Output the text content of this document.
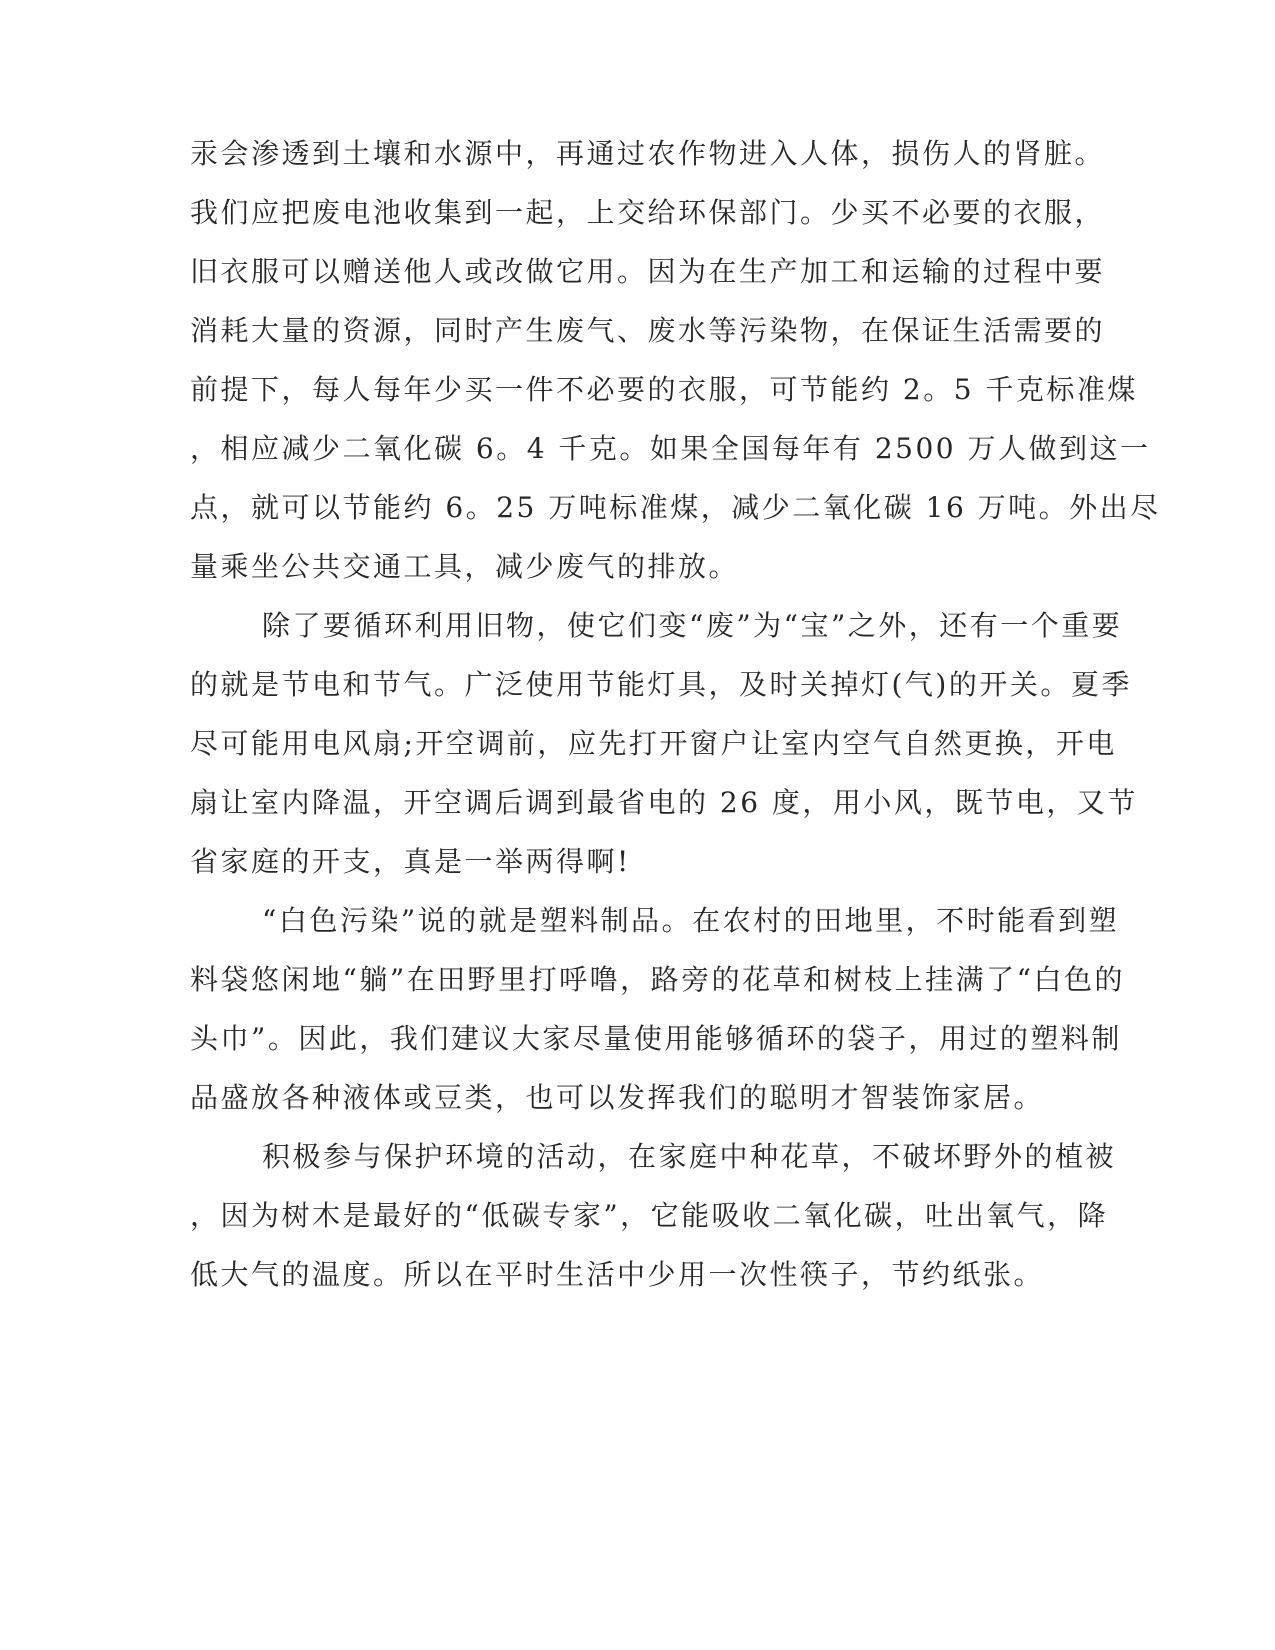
汞会渗透到土壤和水源中，再通过农作物进入人体，损伤人的肾脏。
我们应把废电池收集到一起，上交给环保部门。少买不必要的衣服，
旧衣服可以赠送他人或改做它用。因为在生产加工和运输的过程中要
消耗大量的资源，同时产生废气、废水等污染物，在保证生活需要的
前提下，每人每年少买一件不必要的衣服，可节能约 2。5 千克标准煤
，相应减少二氧化碳 6。4 千克。如果全国每年有 2500 万人做到这一
点，就可以节能约 6。25 万吨标准煤，减少二氧化碳 16 万吨。外出尽
量乘坐公共交通工具，减少废气的排放。
除了要循环利用旧物，使它们变“废”为“宝”之外，还有一个重要
的就是节电和节气。广泛使用节能灯具，及时关掉灯(气)的开关。夏季
尽可能用电风扇;开空调前，应先打开窗户让室内空气自然更换，开电
扇让室内降温，开空调后调到最省电的 26 度，用小风，既节电，又节
省家庭的开支，真是一举两得啊!
“白色污染”说的就是塑料制品。在农村的田地里，不时能看到塑
料袋悠闲地“躺”在田野里打呼噜，路旁的花草和树枝上挂满了“白色的
头巾”。因此，我们建议大家尽量使用能够循环的袋子，用过的塑料制
品盛放各种液体或豆类，也可以发挥我们的聪明才智装饰家居。
积极参与保护环境的活动，在家庭中种花草，不破坏野外的植被
，因为树木是最好的“低碳专家”，它能吸收二氧化碳，吐出氧气，降
低大气的温度。所以在平时生活中少用一次性筷子，节约纸张。
